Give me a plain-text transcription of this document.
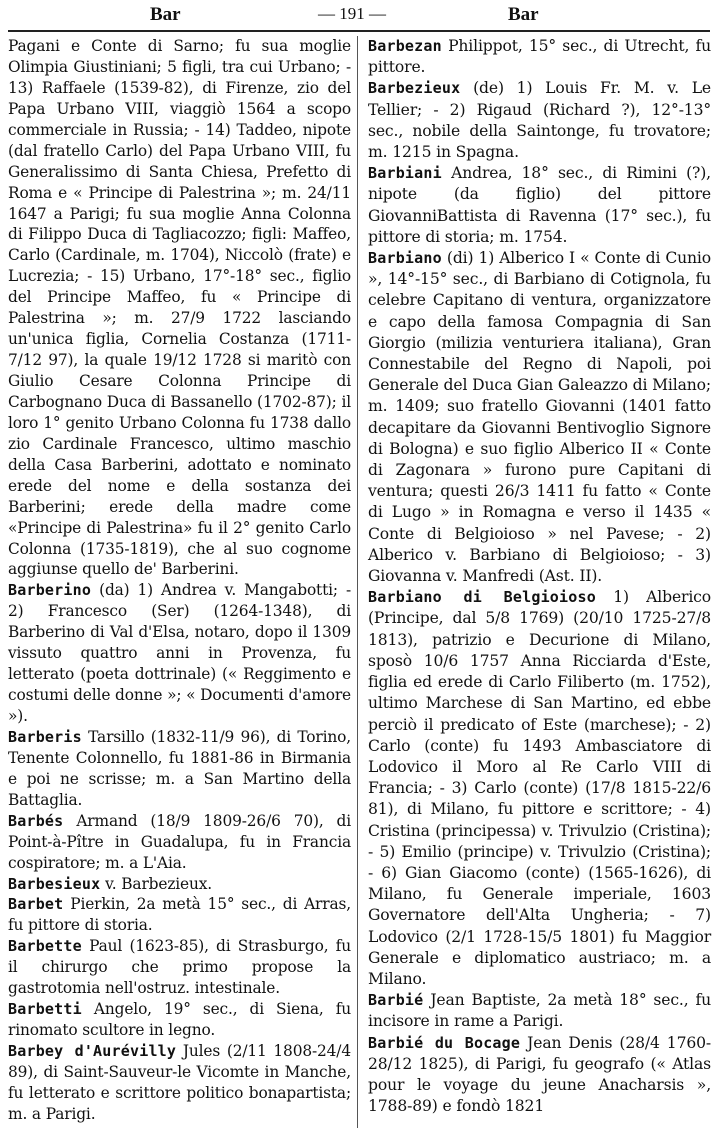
Bar	— 191 —	Bar

Pagani e Conte di Sarno; fu sua moglie Olimpia Giustiniani; 5 figli, tra cui Urbano; - 13) Raffaele (1539-82), di Firenze, zio del Papa Urbano VIII, viaggiò 1564 a scopo commerciale in Russia; - 14) Taddeo, nipote (dal fratello Carlo) del Papa Urbano VIII, fu Generalissimo di Santa Chiesa, Prefetto di Roma e « Principe di Palestrina »; m. 24/11 1647 a Parigi; fu sua moglie Anna Colonna di Filippo Duca di Tagliacozzo; figli: Maffeo, Carlo (Cardinale, m. 1704), Niccolò (frate) e Lucrezia; - 15) Urbano, 17°-18° sec., figlio del Principe Maffeo, fu « Principe di Palestrina »; m. 27/9 1722 lasciando un'unica figlia, Cornelia Costanza (1711-7/12 97), la quale 19/12 1728 si maritò con Giulio Cesare Colonna Principe di Carbognano Duca di Bassanello (1702-87); il loro 1° genito Urbano Colonna fu 1738 dallo zio Cardinale Francesco, ultimo maschio della Casa Barberini, adottato e nominato erede del nome e della sostanza dei Barberini; erede della madre come «Principe di Palestrina» fu il 2° genito Carlo Colonna (1735-1819), che al suo cognome aggiunse quello de' Barberini.

Barberino (da) 1) Andrea v. Mangabotti; - 2) Francesco (Ser) (1264-1348), di Barberino di Val d'Elsa, notaro, dopo il 1309 vissuto quattro anni in Provenza, fu letterato (poeta dottrinale) (« Reggimento e costumi delle donne »; « Documenti d'amore »).

Barberis Tarsillo (1832-11/9 96), di Torino, Tenente Colonnello, fu 1881-86 in Birmania e poi ne scrisse; m. a San Martino della Battaglia.

Barbés Armand (18/9 1809-26/6 70), di Point-à-Pître in Guadalupa, fu in Francia cospiratore; m. a L'Aia.

Barbesieux v. Barbezieux.

Barbet Pierkin, 2a metà 15° sec., di Arras, fu pittore di storia.

Barbette Paul (1623-85), di Strasburgo, fu il chirurgo che primo propose la gastrotomia nell'ostruz. intestinale.

Barbetti Angelo, 19° sec., di Siena, fu rinomato scultore in legno.

Barbey d'Aurévilly Jules (2/11 1808-24/4 89), di Saint-Sauveur-le Vicomte in Manche, fu letterato e scrittore politico bonapartista; m. a Parigi.

Barbezan Philippot, 15° sec., di Utrecht, fu pittore.

Barbezieux (de) 1) Louis Fr. M. v. Le Tellier; - 2) Rigaud (Richard ?), 12°-13° sec., nobile della Saintonge, fu trovatore; m. 1215 in Spagna.

Barbiani Andrea, 18° sec., di Rimini (?), nipote (da figlio) del pittore GiovanniBattista di Ravenna (17° sec.), fu pittore di storia; m. 1754.

Barbiano (di) 1) Alberico I « Conte di Cunio », 14°-15° sec., di Barbiano di Cotignola, fu celebre Capitano di ventura, organizzatore e capo della famosa Compagnia di San Giorgio (milizia venturiera italiana), Gran Connestabile del Regno di Napoli, poi Generale del Duca Gian Galeazzo di Milano; m. 1409; suo fratello Giovanni (1401 fatto decapitare da Giovanni Bentivoglio Signore di Bologna) e suo figlio Alberico II « Conte di Zagonara » furono pure Capitani di ventura; questi 26/3 1411 fu fatto « Conte di Lugo » in Romagna e verso il 1435 « Conte di Belgioioso » nel Pavese; - 2) Alberico v. Barbiano di Belgioioso; - 3) Giovanna v. Manfredi (Ast. II).

Barbiano di Belgioioso 1) Alberico (Principe, dal 5/8 1769) (20/10 1725-27/8 1813), patrizio e Decurione di Milano, sposò 10/6 1757 Anna Ricciarda d'Este, figlia ed erede di Carlo Filiberto (m. 1752), ultimo Marchese di San Martino, ed ebbe perciò il predicato of Este (marchese); - 2) Carlo (conte) fu 1493 Ambasciatore di Lodovico il Moro al Re Carlo VIII di Francia; - 3) Carlo (conte) (17/8 1815-22/6 81), di Milano, fu pittore e scrittore; - 4) Cristina (principessa) v. Trivulzio (Cristina); - 5) Emilio (principe) v. Trivulzio (Cristina); - 6) Gian Giacomo (conte) (1565-1626), di Milano, fu Generale imperiale, 1603 Governatore dell'Alta Ungheria; - 7) Lodovico (2/1 1728-15/5 1801) fu Maggior Generale e diplomatico austriaco; m. a Milano.

Barbié Jean Baptiste, 2a metà 18° sec., fu incisore in rame a Parigi.

Barbié du Bocage Jean Denis (28/4 1760-28/12 1825), di Parigi, fu geografo (« Atlas pour le voyage du jeune Anacharsis », 1788-89) e fondò 1821
